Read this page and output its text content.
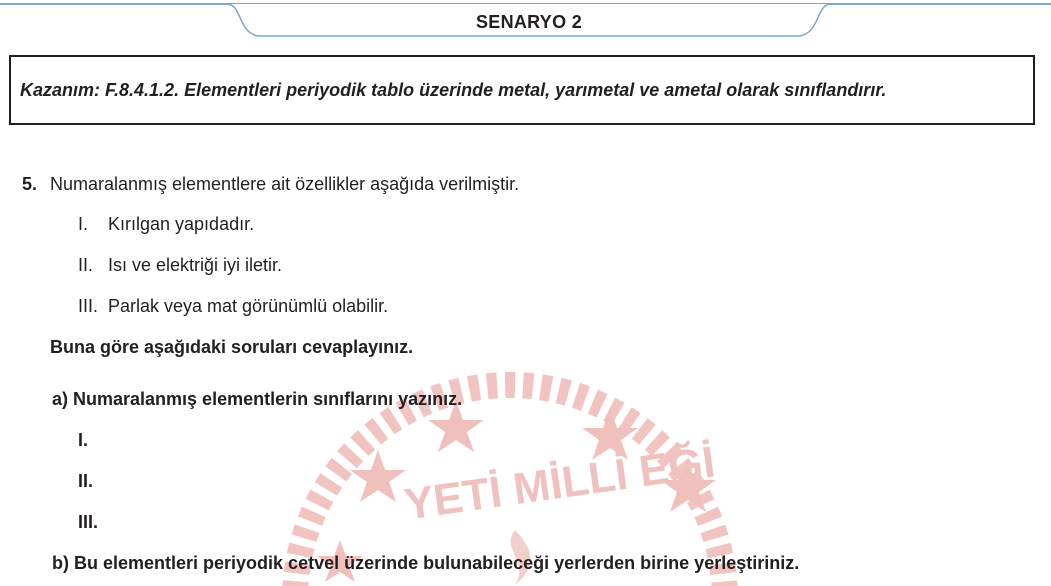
YETİ MİLLİ EĞİ
SENARYO 2
Kazanım: F.8.4.1.2. Elementleri periyodik tablo üzerinde metal, yarımetal ve ametal olarak sınıflandırır.
5. Numaralanmış elementlere ait özellikler aşağıda verilmiştir.
I. Kırılgan yapıdadır.
II. Isı ve elektriği iyi iletir.
III. Parlak veya mat görünümlü olabilir.
Buna göre aşağıdaki soruları cevaplayınız.
a) Numaralanmış elementlerin sınıflarını yazınız.
I.
II.
III.
b) Bu elementleri periyodik cetvel üzerinde bulunabileceği yerlerden birine yerleştiriniz.
